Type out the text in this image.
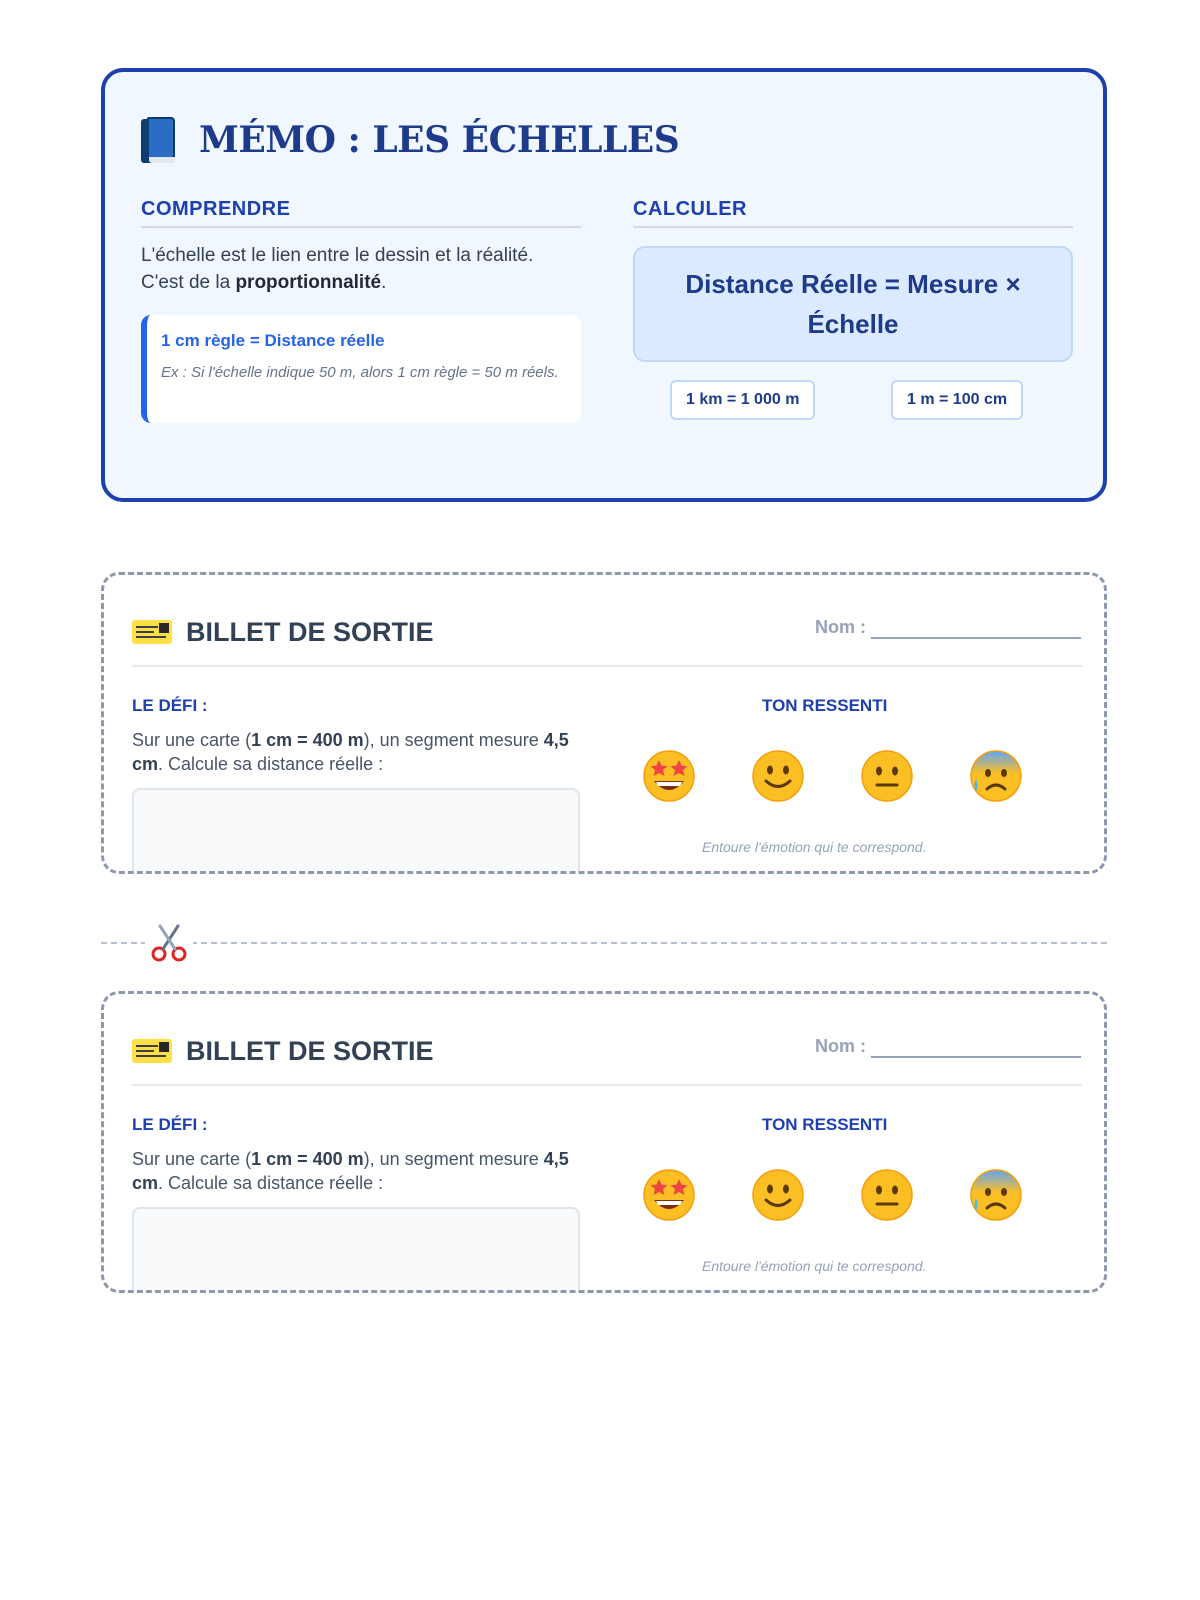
MÉMO : LES ÉCHELLES
COMPRENDRE	CALCULER
L'échelle est le lien entre le dessin et la réalité. C'est de la proportionnalité.
1 cm règle = Distance réelle
Ex : Si l'échelle indique 50 m, alors 1 cm règle = 50 m réels.
Distance Réelle = Mesure × Échelle
1 km = 1 000 m	1 m = 100 cm
BILLET DE SORTIE	Nom :
LE DÉFI :
Sur une carte (1 cm = 400 m), un segment mesure 4,5 cm. Calcule sa distance réelle :
TON RESSENTI
Entoure l'émotion qui te correspond.
BILLET DE SORTIE	Nom :
LE DÉFI :
Sur une carte (1 cm = 400 m), un segment mesure 4,5 cm. Calcule sa distance réelle :
TON RESSENTI
Entoure l'émotion qui te correspond.
